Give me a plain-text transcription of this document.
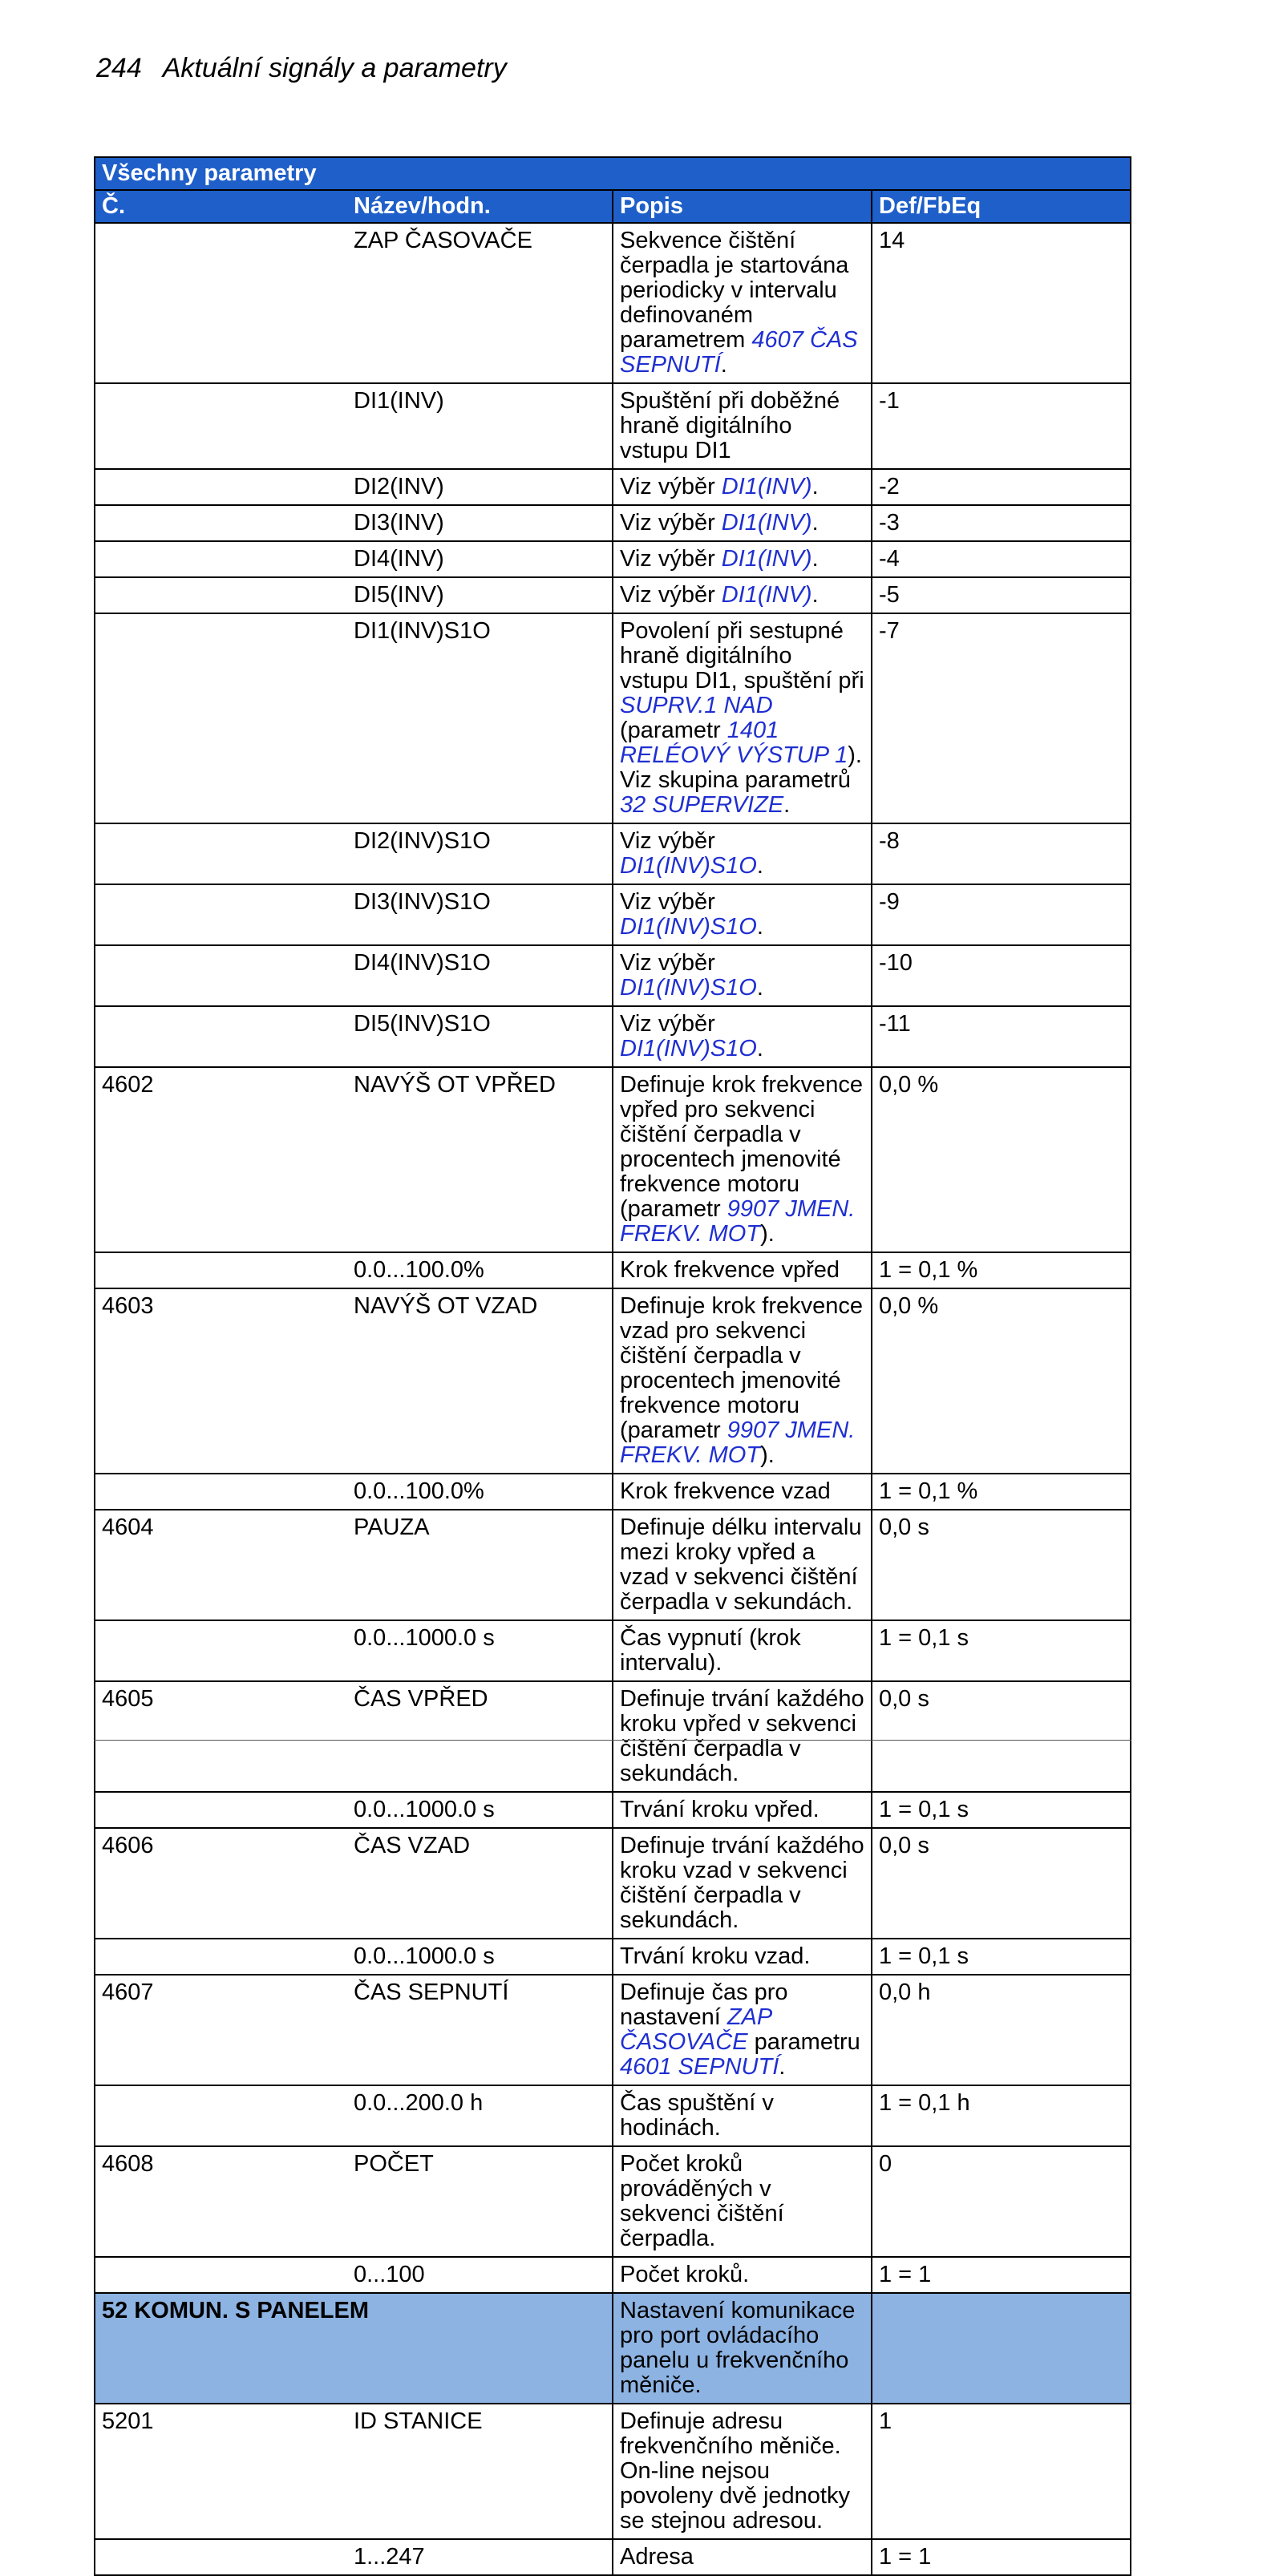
244 Aktuální signály a parametry
Všechny parametry			
Č.	Název/hodn.	Popis	Def/FbEq
	ZAP ČASOVAČE	Sekvence čištění čerpadla je startována periodicky v intervalu definovaném parametrem 4607 ČAS SEPNUTÍ.	14
	DI1(INV)	Spuštění při doběžné hraně digitálního vstupu DI1	-1
	DI2(INV)	Viz výběr DI1(INV).	-2
	DI3(INV)	Viz výběr DI1(INV).	-3
	DI4(INV)	Viz výběr DI1(INV).	-4
	DI5(INV)	Viz výběr DI1(INV).	-5
	DI1(INV)S1O	Povolení při sestupné hraně digitálního vstupu DI1, spuštění při SUPRV.1 NAD (parametr 1401 RELÉOVÝ VÝSTUP 1). Viz skupina parametrů 32 SUPERVIZE.	-7
	DI2(INV)S1O	Viz výběr DI1(INV)S1O.	-8
	DI3(INV)S1O	Viz výběr DI1(INV)S1O.	-9
	DI4(INV)S1O	Viz výběr DI1(INV)S1O.	-10
	DI5(INV)S1O	Viz výběr DI1(INV)S1O.	-11
4602	NAVÝŠ OT VPŘED	Definuje krok frekvence vpřed pro sekvenci čištění čerpadla v procentech jmenovité frekvence motoru (parametr 9907 JMEN. FREKV. MOT).	0,0 %
	0.0...100.0%	Krok frekvence vpřed	1 = 0,1 %
4603	NAVÝŠ OT VZAD	Definuje krok frekvence vzad pro sekvenci čištění čerpadla v procentech jmenovité frekvence motoru (parametr 9907 JMEN. FREKV. MOT).	0,0 %
	0.0...100.0%	Krok frekvence vzad	1 = 0,1 %
4604	PAUZA	Definuje délku intervalu mezi kroky vpřed a vzad v sekvenci čištění čerpadla v sekundách.	0,0 s
	0.0...1000.0 s	Čas vypnutí (krok intervalu).	1 = 0,1 s
4605	ČAS VPŘED	Definuje trvání každého kroku vpřed v sekvenci čištění čerpadla v sekundách.	0,0 s
	0.0...1000.0 s	Trvání kroku vpřed.	1 = 0,1 s
4606	ČAS VZAD	Definuje trvání každého kroku vzad v sekvenci čištění čerpadla v sekundách.	0,0 s
	0.0...1000.0 s	Trvání kroku vzad.	1 = 0,1 s
4607	ČAS SEPNUTÍ	Definuje čas pro nastavení ZAP ČASOVAČE parametru 4601 SEPNUTÍ.	0,0 h
	0.0...200.0 h	Čas spuštění v hodinách.	1 = 0,1 h
4608	POČET	Počet kroků prováděných v sekvenci čištění čerpadla.	0
	0...100	Počet kroků.	1 = 1
52 KOMUN. S PANELEM		Nastavení komunikace pro port ovládacího panelu u frekvenčního měniče.	
5201	ID STANICE	Definuje adresu frekvenčního měniče. On-line nejsou povoleny dvě jednotky se stejnou adresou.	1
	1...247	Adresa	1 = 1
